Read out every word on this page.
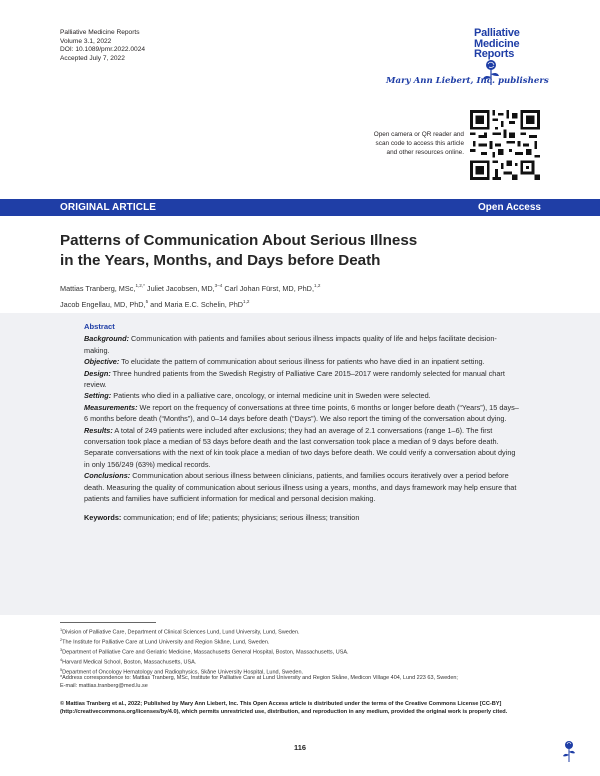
Palliative Medicine Reports
Volume 3.1, 2022
DOI: 10.1089/pmr.2022.0024
Accepted July 7, 2022
Palliative
Medicine
Reports
Mary Ann Liebert, Inc. publishers
Open camera or QR reader and
scan code to access this article
and other resources online.
ORIGINAL ARTICLE	Open Access
Patterns of Communication About Serious Illness
in the Years, Months, and Days before Death
Mattias Tranberg, MSc,$^{1,2,*}$ Juliet Jacobsen, MD,$^{3-4}$ Carl Johan Fürst, MD, PhD,$^{1,2}$
Jacob Engellau, MD, PhD,$^5$ and Maria E.C. Schelin, PhD$^{1,2}$
Abstract

Background: Communication with patients and families about serious illness impacts quality of life and helps facilitate decision-making.

Objective: To elucidate the pattern of communication about serious illness for patients who have died in an inpatient setting.

Design: Three hundred patients from the Swedish Registry of Palliative Care 2015–2017 were randomly selected for manual chart review.

Setting: Patients who died in a palliative care, oncology, or internal medicine unit in Sweden were selected.

Measurements: We report on the frequency of conversations at three time points, 6 months or longer before death (“Years”), 15 days–6 months before death (“Months”), and 0–14 days before death (“Days”). We also report the timing of the conversation about dying.

Results: A total of 249 patients were included after exclusions; they had an average of 2.1 conversations (range 1–6). The first conversation took place a median of 53 days before death and the last conversation took place a median of 9 days before death. Separate conversations with the next of kin took place a median of two days before death. We could verify a conversation about dying in only 156/249 (63%) medical records.

Conclusions: Communication about serious illness between clinicians, patients, and families occurs iteratively over a period before death. Measuring the quality of communication about serious illness using a years, months, and days framework may help ensure that patients and families have sufficient information for medical and personal decision making.

Keywords: communication; end of life; patients; physicians; serious illness; transition

$^1$Division of Palliative Care, Department of Clinical Sciences Lund, Lund University, Lund, Sweden.
$^2$The Institute for Palliative Care at Lund University and Region Skåne, Lund, Sweden.
$^3$Department of Palliative Care and Geriatric Medicine, Massachusetts General Hospital, Boston, Massachusetts, USA.
$^4$Harvard Medical School, Boston, Massachusetts, USA.
$^5$Department of Oncology Hematology and Radiophysics, Skåne University Hospital, Lund, Sweden.
*Address correspondence to: Mattias Tranberg, MSc, Institute for Palliative Care at Lund University and Region Skåne, Medicon Village 404, Lund 223 63, Sweden;
E-mail: mattias.tranberg@med.lu.se
© Mattias Tranberg et al., 2022; Published by Mary Ann Liebert, Inc. This Open Access article is distributed under the terms of the Creative Commons License [CC-BY] (http://creativecommons.org/licenses/by/4.0), which permits unrestricted use, distribution, and reproduction in any medium, provided the original work is properly cited.
116
